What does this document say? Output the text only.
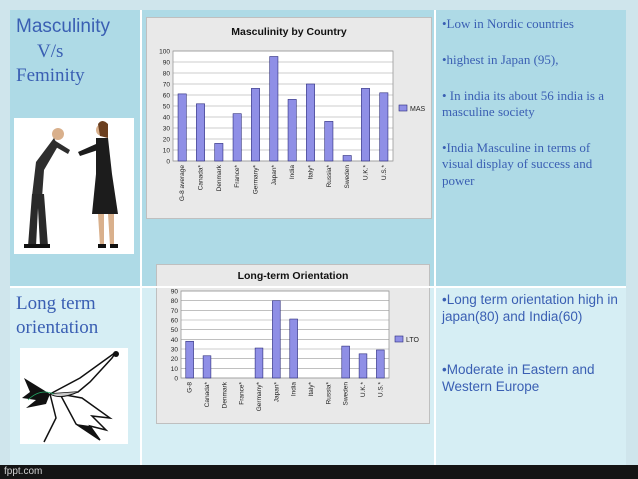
Masculinity
V/s
Feminity
Masculinity by Country
0
10
20
30
40
50
60
70
80
90
100
G-8 average Canada* Denmark France* Germany* Japan* India Italy* Russia* Sweden U.K.* U.S.*
MAS
•Low in Nordic countries
•highest in Japan (95),
• In india its about 56 india is a masculine society
•India Masculine in terms of visual display of success and power
Long term orientation
Long-term Orientation
0
10
20
30
40
50
60
70
80
90
G-8 Canada* Denmark France* Germany* Japan* India Italy* Russia* Sweden U.K.* U.S.*
LTO
•Long term orientation high in japan(80) and India(60)
•Moderate in Eastern and Western Europe
fppt.com
